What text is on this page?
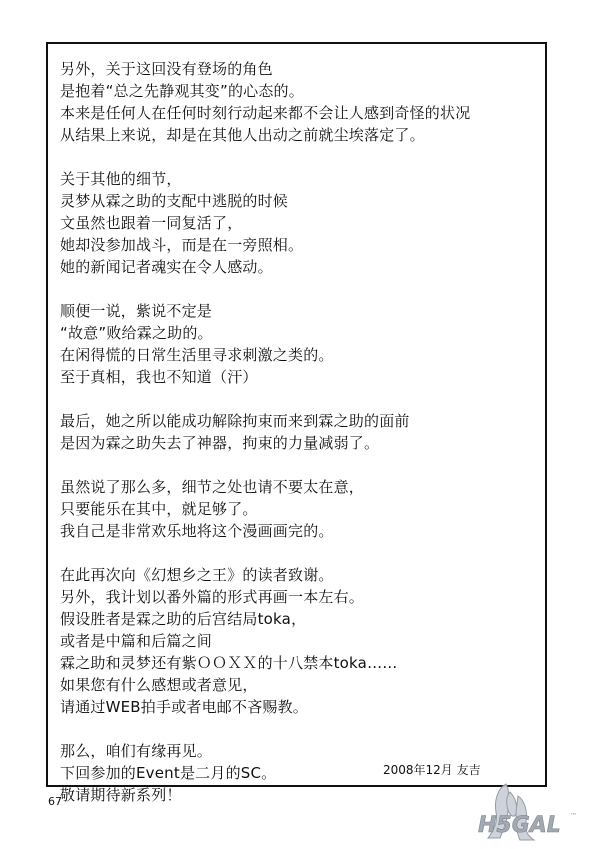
另外，关于这回没有登场的角色
是抱着“总之先静观其变”的心态的。
本来是任何人在任何时刻行动起来都不会让人感到奇怪的状况
从结果上来说，却是在其他人出动之前就尘埃落定了。

关于其他的细节，
灵梦从霖之助的支配中逃脱的时候
文虽然也跟着一同复活了，
她却没参加战斗，而是在一旁照相。
她的新闻记者魂实在令人感动。

顺便一说，紫说不定是
“故意”败给霖之助的。
在闲得慌的日常生活里寻求刺激之类的。
至于真相，我也不知道（汗）

最后，她之所以能成功解除拘束而来到霖之助的面前
是因为霖之助失去了神器，拘束的力量减弱了。

虽然说了那么多，细节之处也请不要太在意，
只要能乐在其中，就足够了。
我自己是非常欢乐地将这个漫画画完的。

在此再次向《幻想乡之王》的读者致谢。
另外，我计划以番外篇的形式再画一本左右。
假设胜者是霖之助的后宫结局toka，
或者是中篇和后篇之间
霖之助和灵梦还有紫ＯＯＸＸ的十八禁本toka……
如果您有什么感想或者意见，
请通过WEB拍手或者电邮不吝赐教。

那么，咱们有缘再见。
下回参加的Event是二月的SC。
敬请期待新系列！

2008年12月 友吉
67
H5GAL ™
